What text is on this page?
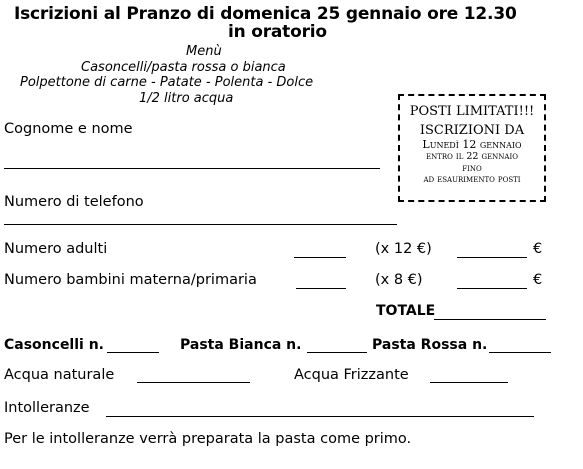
Iscrizioni al Pranzo di domenica 25 gennaio ore 12.30
in oratorio
Menù
Casoncelli/pasta rossa o bianca
Polpettone di carne - Patate - Polenta - Dolce
1/2 litro acqua
POSTI LIMITATI!!!
ISCRIZIONI DA
Lunedì 12 gennaio
entro il 22 gennaio
fino
ad esaurimento posti
Cognome e nome
Numero di telefono
Numero adulti	(x 12 €)	€
Numero bambini materna/primaria	(x 8 €)	€
TOTALE
Casoncelli n.	Pasta Bianca n.	Pasta Rossa n.
Acqua naturale	Acqua Frizzante
Intolleranze
Per le intolleranze verrà preparata la pasta come primo.
